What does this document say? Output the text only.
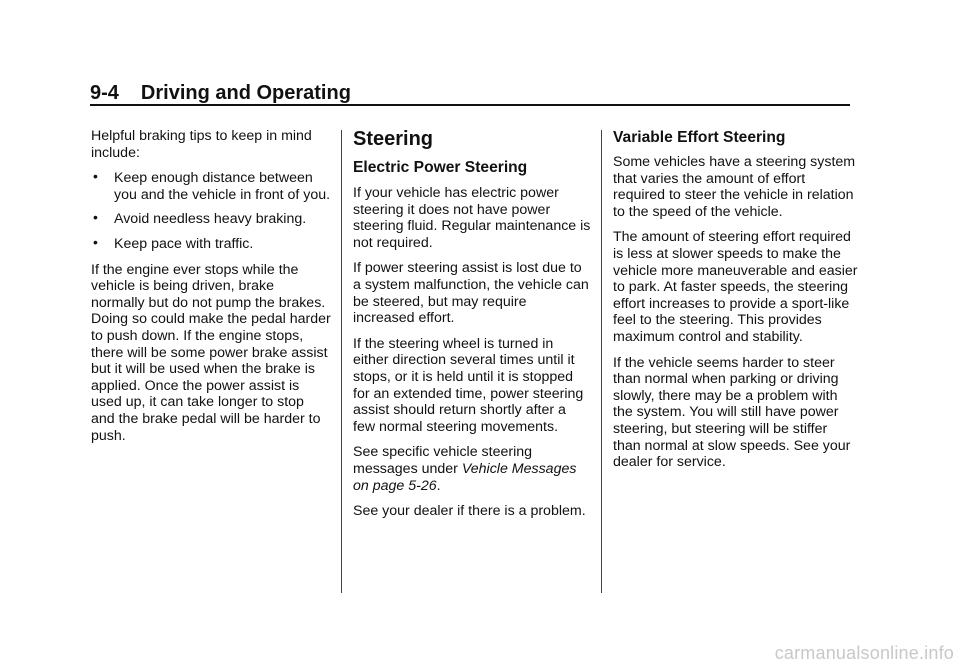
9-4 Driving and Operating

Helpful braking tips to keep in mind include:

• Keep enough distance between you and the vehicle in front of you.
• Avoid needless heavy braking.
• Keep pace with traffic.

If the engine ever stops while the vehicle is being driven, brake normally but do not pump the brakes. Doing so could make the pedal harder to push down. If the engine stops, there will be some power brake assist but it will be used when the brake is applied. Once the power assist is used up, it can take longer to stop and the brake pedal will be harder to push.

Steering
Electric Power Steering

If your vehicle has electric power steering it does not have power steering fluid. Regular maintenance is not required.

If power steering assist is lost due to a system malfunction, the vehicle can be steered, but may require increased effort.

If the steering wheel is turned in either direction several times until it stops, or it is held until it is stopped for an extended time, power steering assist should return shortly after a few normal steering movements.

See specific vehicle steering messages under Vehicle Messages on page 5-26.

See your dealer if there is a problem.

Variable Effort Steering

Some vehicles have a steering system that varies the amount of effort required to steer the vehicle in relation to the speed of the vehicle.

The amount of steering effort required is less at slower speeds to make the vehicle more maneuverable and easier to park. At faster speeds, the steering effort increases to provide a sport-like feel to the steering. This provides maximum control and stability.

If the vehicle seems harder to steer than normal when parking or driving slowly, there may be a problem with the system. You will still have power steering, but steering will be stiffer than normal at slow speeds. See your dealer for service.

carmanualsonline.info
